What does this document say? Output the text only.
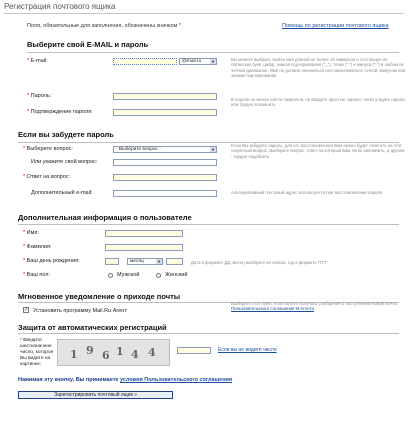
Регистрация почтового ящика
Поля, обязательные для заполнения, обозначены значком *	Помощь по регистрации почтового ящика
Выберите свой E-MAIL и пароль
* E-mail:	@mail.ru ▼	Вы можете выбрать любое имя длиной не более 16 символов и состоящее из латинских букв, цифр, знаков подчеркивания ("_"), точки (".") и минуса ("-") в любом их четном диапазоне. Имя не должно начинаться или заканчиваться точкой, минусом или знаком подчеркивания.
* Пароль:
* Подтверждение пароля:
В пароле не менее шести символов, не вводите простые пароли: легко угадать пароль или трудно вспомнить.
Если вы забудете пароль
* Выберите вопрос:	- Выберите вопрос -	▼
Или укажите свой вопрос:
* Ответ на вопрос:
Дополнительный e-mail:
Если Вы забудете пароль, для его восстановления Вам нужно будет ответить на этот секретный вопрос. Выберите вопрос, ответ на который Вам легко запомнить, а другим - трудно подобрать.
Альтернативный почтовый адрес используется при восстановлении пароля
Дополнительная информация о пользователе
* Имя:
* Фамилия:
* Ваш день рождения:	месяц	▼	Дата в формате ДД, месяц выберите из списка, год в формате ГГГГ
* Ваш пол:	Мужской	Женский
Мгновенное уведомление о приходе почты
✓ Установить программу Mail.Ru Агент
Выберите этот пункт, если хотите получать сообщения о поступлении новой почты. Пользовательского соглашения М-Агента
Защита от автоматических регистраций
* Введите шестизначное число, которое Вы видите на картинке:
1 9 6 1 4 4	Если вы не видите число
Нажимая эту кнопку, Вы принимаете условия Пользовательского соглашения
Зарегистрировать почтовый ящик »
